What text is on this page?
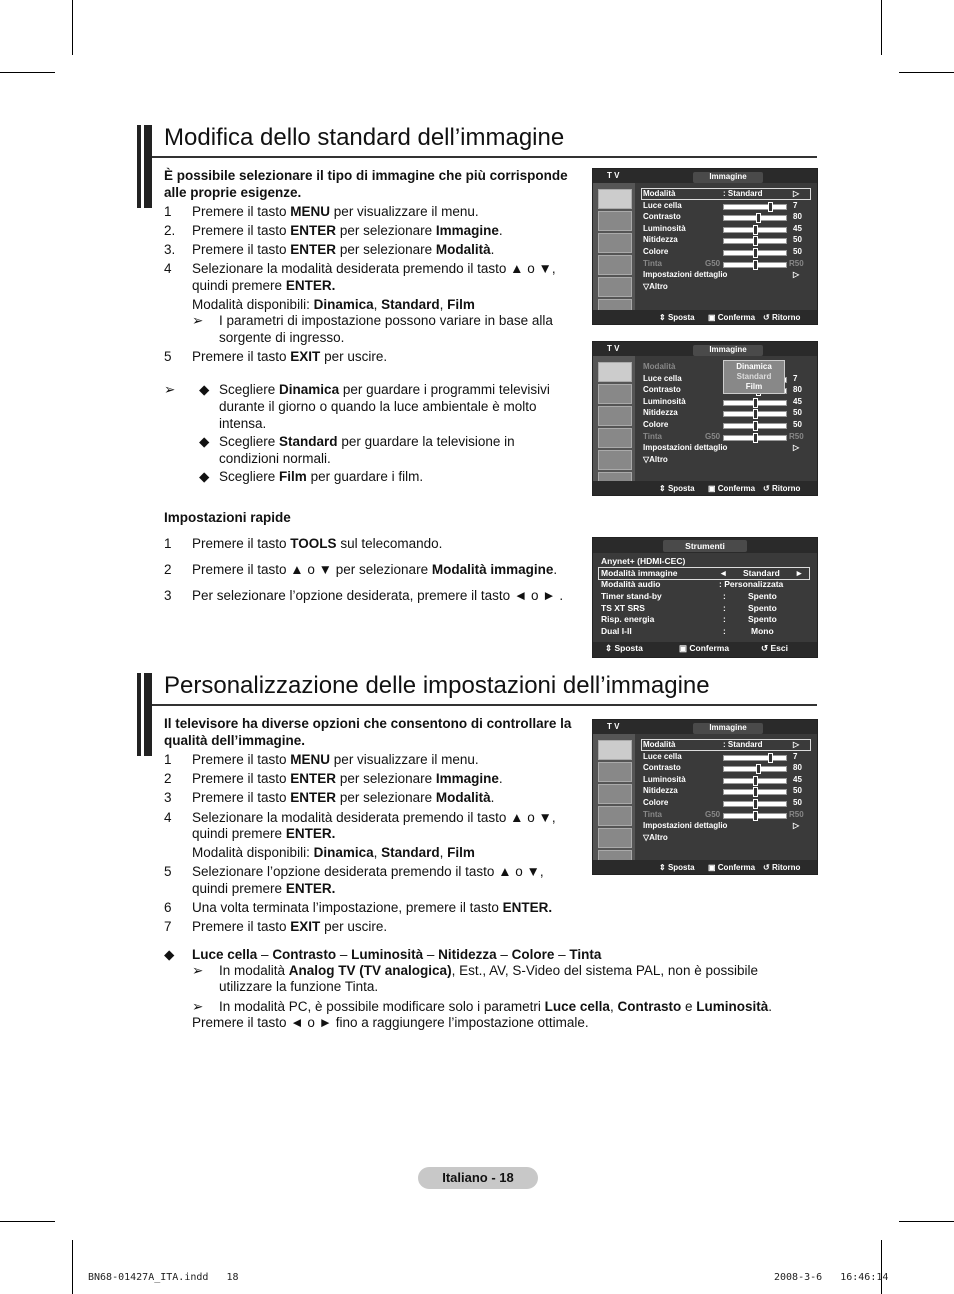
Modifica dello standard dell’immagine
È possibile selezionare il tipo di immagine che più corrisponde alle proprie esigenze.
1 Premere il tasto MENU per visualizzare il menu.
2. Premere il tasto ENTER per selezionare Immagine.
3. Premere il tasto ENTER per selezionare Modalità.
4 Selezionare la modalità desiderata premendo il tasto ▲ o ▼,
quindi premere ENTER.
Modalità disponibili: Dinamica, Standard, Film
➢ I parametri di impostazione possono variare in base alla sorgente di ingresso.
5 Premere il tasto EXIT per uscire.
➢ ◆ Scegliere Dinamica per guardare i programmi televisivi durante il giorno o quando la luce ambientale è molto intensa.
◆ Scegliere Standard per guardare la televisione in condizioni normali.
◆ Scegliere Film per guardare i film.
Impostazioni rapide
1 Premere il tasto TOOLS sul telecomando.
2 Premere il tasto ▲ o ▼ per selezionare Modalità immagine.
3 Per selezionare l’opzione desiderata, premere il tasto ◄ o ► .
T V	Immagine
Modalità	: Standard	▷
Luce cella	7
Contrasto	80
Luminosità	45
Nitidezza	50
Colore	50
Tinta	G50	R50
Impostazioni dettaglio	▷
▽Altro
⇕ Sposta ▣ Conferma ↺ Ritorno
T V	Immagine
Modalità
Luce cella	7
Contrasto	80
Luminosità	45
Nitidezza	50
Colore	50
Tinta	G50	R50
Impostazioni dettaglio	▷
▽Altro
Dinamica
Standard
Film
⇕ Sposta ▣ Conferma ↺ Ritorno
Strumenti
Anynet+ (HDMI-CEC)
Modalità immagine	◄ Standard ►
Modalità audio	: Personalizzata
Timer stand-by	:	Spento
TS XT SRS	:	Spento
Risp. energia	:	Spento
Dual I-II	:	Mono
⇕ Sposta	▣ Conferma	↺ Esci
Personalizzazione delle impostazioni dell’immagine
Il televisore ha diverse opzioni che consentono di controllare la qualità dell’immagine.
1 Premere il tasto MENU per visualizzare il menu.
2 Premere il tasto ENTER per selezionare Immagine.
3 Premere il tasto ENTER per selezionare Modalità.
4 Selezionare la modalità desiderata premendo il tasto ▲ o ▼,
quindi premere ENTER.
Modalità disponibili: Dinamica, Standard, Film
5 Selezionare l’opzione desiderata premendo il tasto ▲ o ▼,
quindi premere ENTER.
6 Una volta terminata l’impostazione, premere il tasto ENTER.
7 Premere il tasto EXIT per uscire.
◆ Luce cella – Contrasto – Luminosità – Nitidezza – Colore – Tinta
➢ In modalità Analog TV (TV analogica), Est., AV, S-Video del sistema PAL, non è possibile
utilizzare la funzione Tinta.
➢ In modalità PC, è possibile modificare solo i parametri Luce cella, Contrasto e Luminosità.
Premere il tasto ◄ o ► fino a raggiungere l’impostazione ottimale.
T V	Immagine
Modalità	: Standard	▷
Luce cella	7
Contrasto	80
Luminosità	45
Nitidezza	50
Colore	50
Tinta	G50	R50
Impostazioni dettaglio	▷
▽Altro
⇕ Sposta ▣ Conferma ↺ Ritorno
Italiano - 18
BN68-01427A_ITA.indd   18	2008-3-6   16:46:14
